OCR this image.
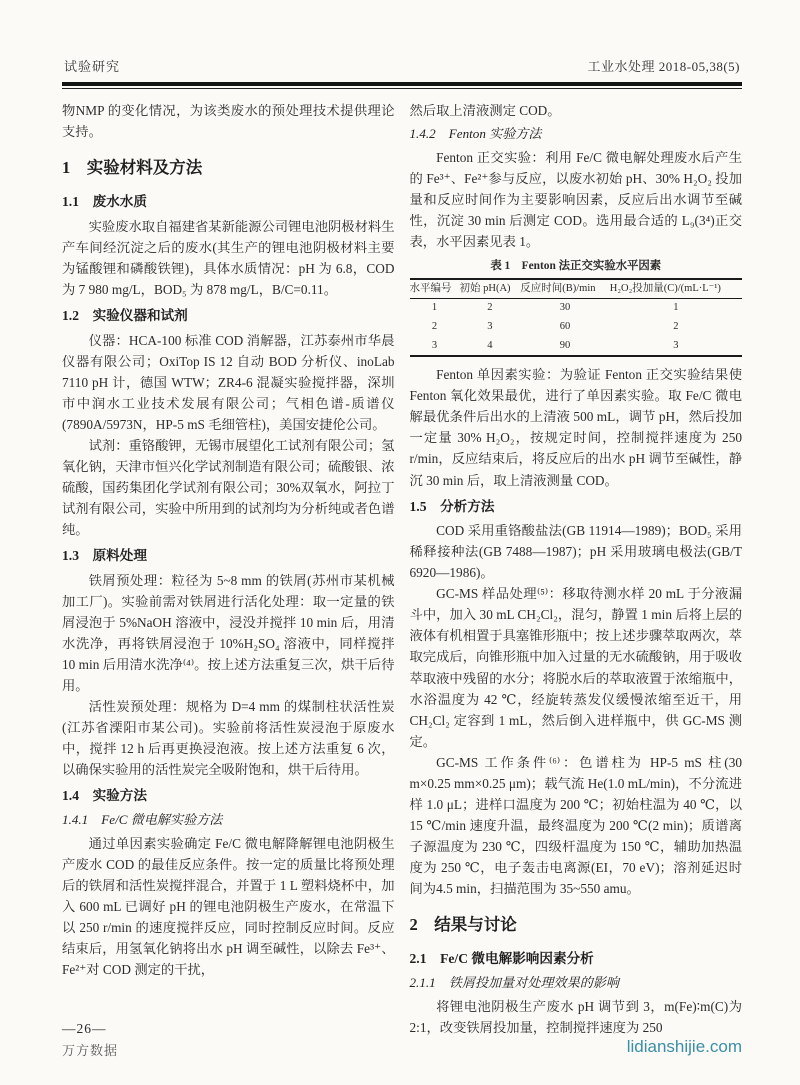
试验研究	工业水处理 2018-05,38(5)

物NMP 的变化情况，为该类废水的预处理技术提供理论支持。

1　实验材料及方法
1.1　废水水质

实验废水取自福建省某新能源公司锂电池阴极材料生产车间经沉淀之后的废水(其生产的锂电池阴极材料主要为锰酸锂和磷酸铁锂)，具体水质情况：pH 为 6.8，COD 为 7 980 mg/L，BOD₅ 为 878 mg/L，B/C=0.11。

1.2　实验仪器和试剂

仪器：HCA-100 标准 COD 消解器，江苏泰州市华晨仪器有限公司；OxiTop IS 12 自动 BOD 分析仪、inoLab 7110 pH 计，德国 WTW；ZR4-6 混凝实验搅拌器，深圳市中润水工业技术发展有限公司；气相色谱-质谱仪(7890A/5973N，HP-5 mS 毛细管柱)，美国安捷伦公司。

试剂：重铬酸钾，无锡市展望化工试剂有限公司；氢氧化钠，天津市恒兴化学试剂制造有限公司；硫酸银、浓硫酸，国药集团化学试剂有限公司；30%双氧水，阿拉丁试剂有限公司，实验中所用到的试剂均为分析纯或者色谱纯。

1.3　原料处理

铁屑预处理：粒径为 5~8 mm 的铁屑(苏州市某机械加工厂)。实验前需对铁屑进行活化处理：取一定量的铁屑浸泡于 5%NaOH 溶液中，浸没并搅拌 10 min 后，用清水洗净，再将铁屑浸泡于 10%H₂SO₄ 溶液中，同样搅拌 10 min 后用清水洗净⁽⁴⁾。按上述方法重复三次，烘干后待用。

活性炭预处理：规格为 D=4 mm 的煤制柱状活性炭(江苏省溧阳市某公司)。实验前将活性炭浸泡于原废水中，搅拌 12 h 后再更换浸泡液。按上述方法重复 6 次，以确保实验用的活性炭完全吸附饱和，烘干后待用。

1.4　实验方法
1.4.1　Fe/C 微电解实验方法

通过单因素实验确定 Fe/C 微电解降解锂电池阴极生产废水 COD 的最佳反应条件。按一定的质量比将预处理后的铁屑和活性炭搅拌混合，并置于 1 L 塑料烧杯中，加入 600 mL 已调好 pH 的锂电池阴极生产废水，在常温下以 250 r/min 的速度搅拌反应，同时控制反应时间。反应结束后，用氢氧化钠将出水 pH 调至碱性，以除去 Fe³⁺、Fe²⁺对 COD 测定的干扰，

然后取上清液测定 COD。

1.4.2　Fenton 实验方法

Fenton 正交实验：利用 Fe/C 微电解处理废水后产生的 Fe³⁺、Fe²⁺参与反应，以废水初始 pH、30% H₂O₂ 投加量和反应时间作为主要影响因素，反应后出水调节至碱性，沉淀 30 min 后测定 COD。选用最合适的 L₉(3⁴)正交表，水平因素见表 1。

表 1　Fenton 法正交实验水平因素
水平编号	初始 pH(A)	反应时间(B)/min	H₂O₂投加量(C)/(mL·L⁻¹)
1	2	30	1
2	3	60	2
3	4	90	3

Fenton 单因素实验：为验证 Fenton 正交实验结果使 Fenton 氧化效果最优，进行了单因素实验。取 Fe/C 微电解最优条件后出水的上清液 500 mL，调节 pH，然后投加一定量 30% H₂O₂，按规定时间，控制搅拌速度为 250 r/min，反应结束后，将反应后的出水 pH 调节至碱性，静沉 30 min 后，取上清液测量 COD。

1.5　分析方法

COD 采用重铬酸盐法(GB 11914—1989)；BOD₅ 采用稀释接种法(GB 7488—1987)；pH 采用玻璃电极法(GB/T 6920—1986)。

GC-MS 样品处理⁽⁵⁾：移取待测水样 20 mL 于分液漏斗中，加入 30 mL CH₂Cl₂，混匀，静置 1 min 后将上层的液体有机相置于具塞锥形瓶中；按上述步骤萃取两次，萃取完成后，向锥形瓶中加入过量的无水硫酸钠，用于吸收萃取液中残留的水分；将脱水后的萃取液置于浓缩瓶中，水浴温度为 42 ℃，经旋转蒸发仪缓慢浓缩至近干，用 CH₂Cl₂ 定容到 1 mL，然后倒入进样瓶中，供 GC-MS 测定。

GC-MS 工作条件⁽⁶⁾：色谱柱为 HP-5 mS 柱(30 m×0.25 mm×0.25 μm)；载气流 He(1.0 mL/min)，不分流进样 1.0 μL；进样口温度为 200 ℃；初始柱温为 40 ℃，以 15 ℃/min 速度升温，最终温度为 200 ℃(2 min)；质谱离子源温度为 230 ℃，四级杆温度为 150 ℃，辅助加热温度为 250 ℃，电子轰击电离源(EI，70 eV)；溶剂延迟时间为4.5 min，扫描范围为 35~550 amu。

2　结果与讨论
2.1　Fe/C 微电解影响因素分析
2.1.1　铁屑投加量对处理效果的影响

将锂电池阴极生产废水 pH 调节到 3，m(Fe)∶m(C)为 2:1，改变铁屑投加量，控制搅拌速度为 250

—26—
万方数据	lidianshijie.com
